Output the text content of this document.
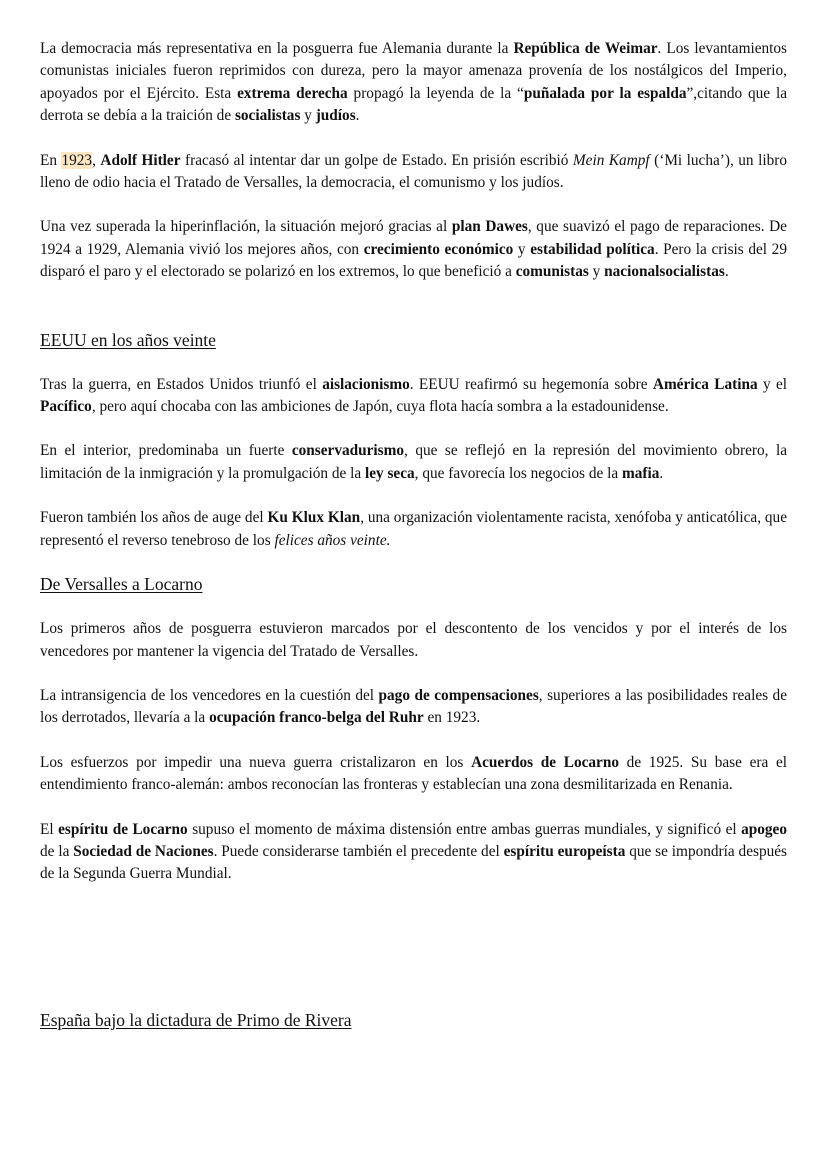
La democracia más representativa en la posguerra fue Alemania durante la República de Weimar. Los levantamientos comunistas iniciales fueron reprimidos con dureza, pero la mayor amenaza provenía de los nostálgicos del Imperio, apoyados por el Ejército. Esta extrema derecha propagó la leyenda de la “puñalada por la espalda”,citando que la derrota se debía a la traición de socialistas y judíos.

En 1923, Adolf Hitler fracasó al intentar dar un golpe de Estado. En prisión escribió Mein Kampf (‘Mi lucha’), un libro lleno de odio hacia el Tratado de Versalles, la democracia, el comunismo y los judíos.

Una vez superada la hiperinflación, la situación mejoró gracias al plan Dawes, que suavizó el pago de reparaciones. De 1924 a 1929, Alemania vivió los mejores años, con crecimiento económico y estabilidad política. Pero la crisis del 29 disparó el paro y el electorado se polarizó en los extremos, lo que benefició a comunistas y nacionalsocialistas.

EEUU en los años veinte

Tras la guerra, en Estados Unidos triunfó el aislacionismo. EEUU reafirmó su hegemonía sobre América Latina y el Pacífico, pero aquí chocaba con las ambiciones de Japón, cuya flota hacía sombra a la estadounidense.

En el interior, predominaba un fuerte conservadurismo, que se reflejó en la represión del movimiento obrero, la limitación de la inmigración y la promulgación de la ley seca, que favorecía los negocios de la mafia.

Fueron también los años de auge del Ku Klux Klan, una organización violentamente racista, xenófoba y anticatólica, que representó el reverso tenebroso de los felices años veinte.

De Versalles a Locarno

Los primeros años de posguerra estuvieron marcados por el descontento de los vencidos y por el interés de los vencedores por mantener la vigencia del Tratado de Versalles.

La intransigencia de los vencedores en la cuestión del pago de compensaciones, superiores a las posibilidades reales de los derrotados, llevaría a la ocupación franco-belga del Ruhr en 1923.

Los esfuerzos por impedir una nueva guerra cristalizaron en los Acuerdos de Locarno de 1925. Su base era el entendimiento franco-alemán: ambos reconocían las fronteras y establecían una zona desmilitarizada en Renania.

El espíritu de Locarno supuso el momento de máxima distensión entre ambas guerras mundiales, y significó el apogeo de la Sociedad de Naciones. Puede considerarse también el precedente del espíritu europeísta que se impondría después de la Segunda Guerra Mundial.

España bajo la dictadura de Primo de Rivera
